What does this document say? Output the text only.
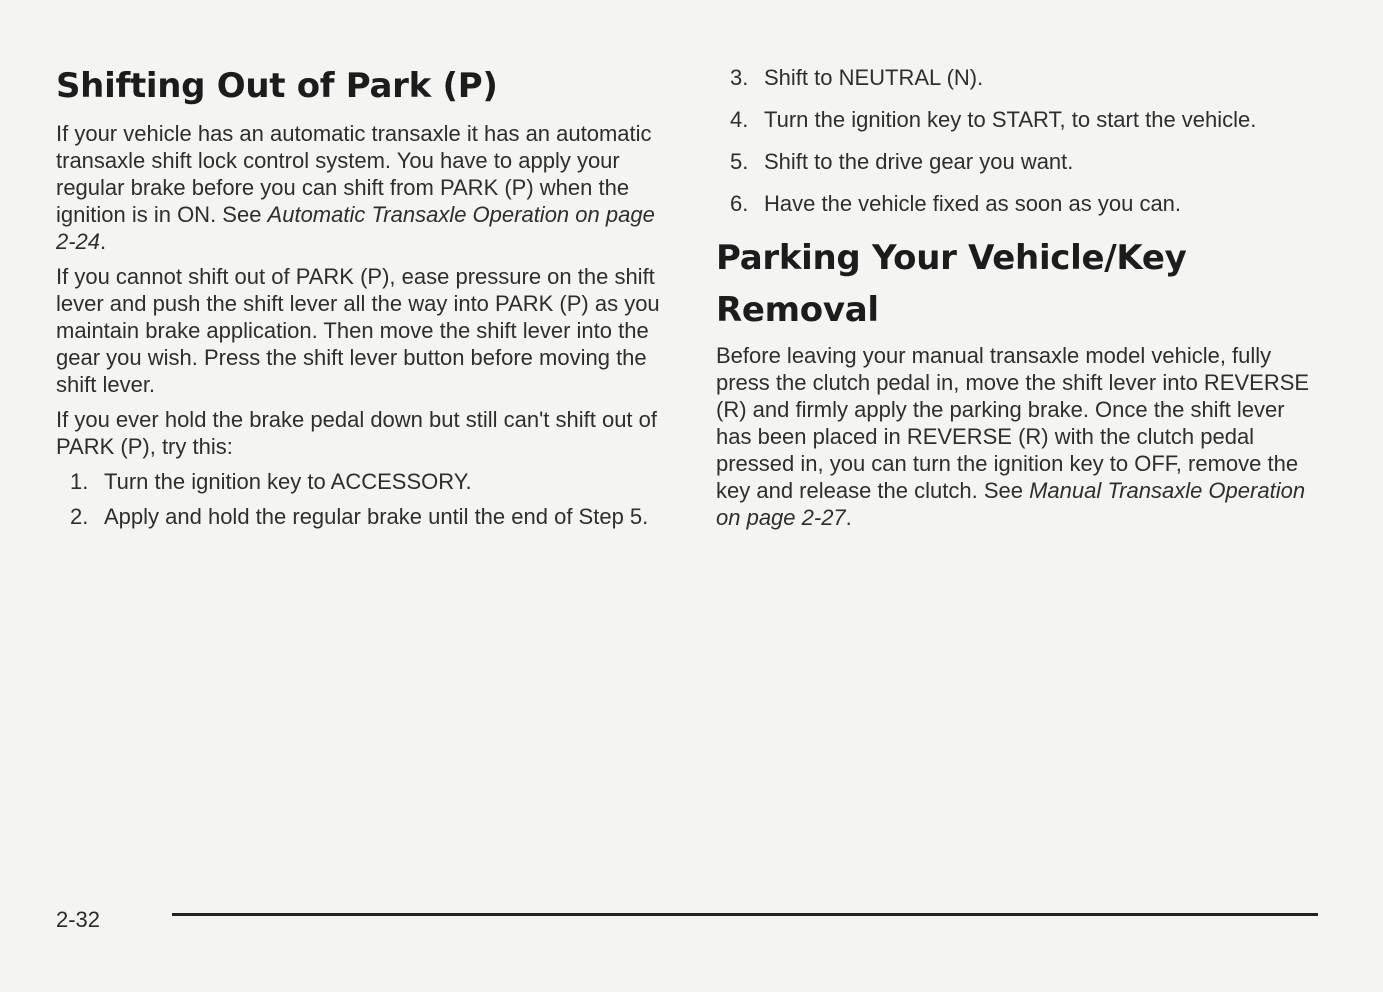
Shifting Out of Park (P)

If your vehicle has an automatic transaxle it has an automatic transaxle shift lock control system. You have to apply your regular brake before you can shift from PARK (P) when the ignition is in ON. See Automatic Transaxle Operation on page 2-24.

If you cannot shift out of PARK (P), ease pressure on the shift lever and push the shift lever all the way into PARK (P) as you maintain brake application. Then move the shift lever into the gear you wish. Press the shift lever button before moving the shift lever.

If you ever hold the brake pedal down but still can't shift out of PARK (P), try this:

1. Turn the ignition key to ACCESSORY.
2. Apply and hold the regular brake until the end of Step 5.
3. Shift to NEUTRAL (N).
4. Turn the ignition key to START, to start the vehicle.
5. Shift to the drive gear you want.
6. Have the vehicle fixed as soon as you can.
Parking Your Vehicle/Key Removal

Before leaving your manual transaxle model vehicle, fully press the clutch pedal in, move the shift lever into REVERSE (R) and firmly apply the parking brake. Once the shift lever has been placed in REVERSE (R) with the clutch pedal pressed in, you can turn the ignition key to OFF, remove the key and release the clutch. See Manual Transaxle Operation on page 2-27.

2-32
